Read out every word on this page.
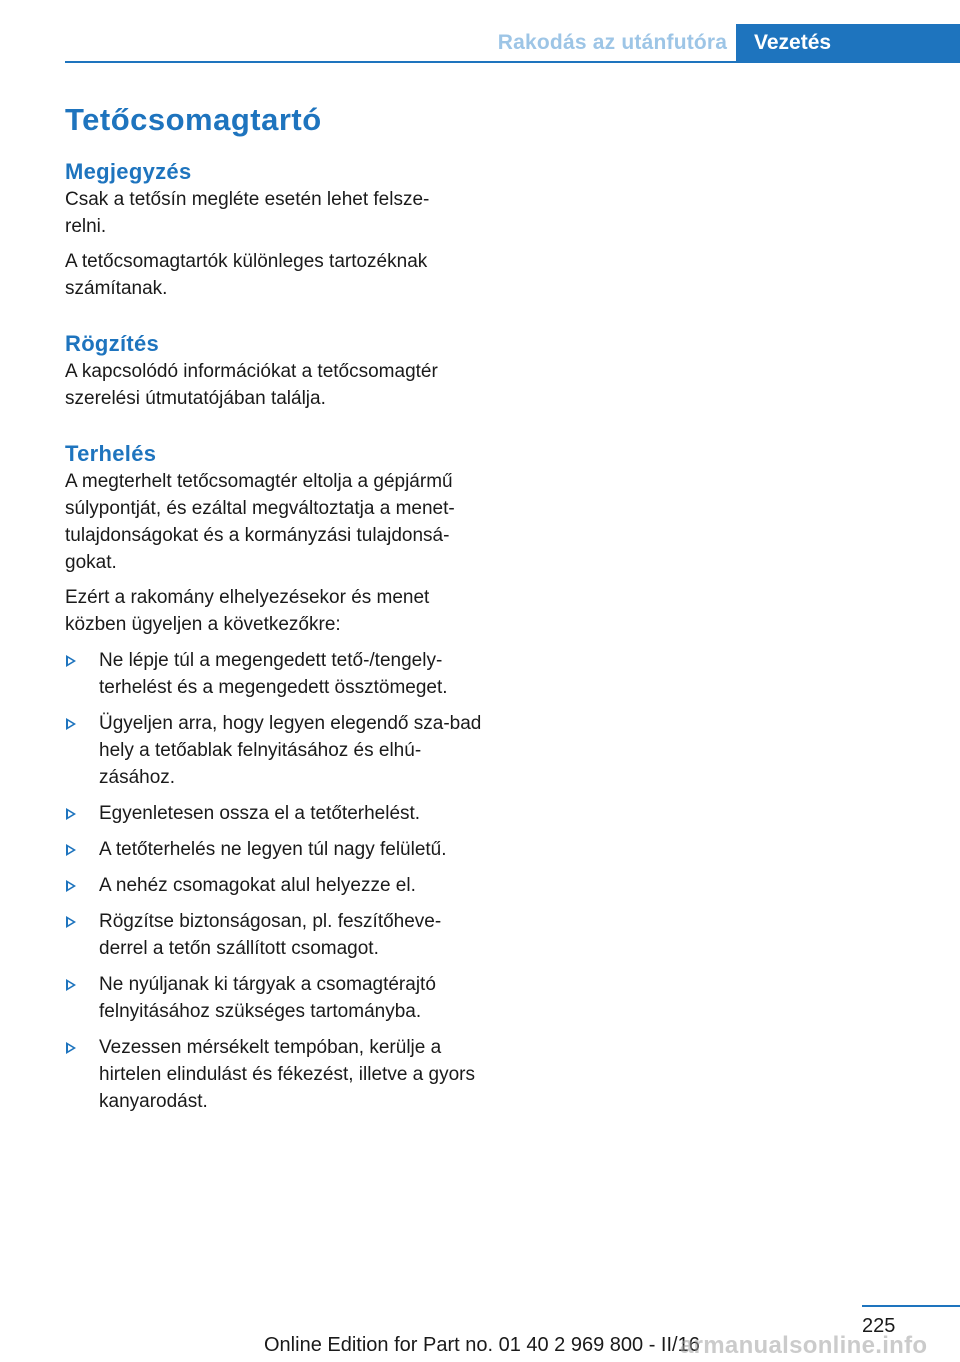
Rakodás az utánfutóra	Vezetés
Tetőcsomagtartó
Megjegyzés

Csak a tetősín megléte esetén lehet felsze-
relni.

A tetőcsomagtartók különleges tartozéknak számítanak.

Rögzítés

A kapcsolódó információkat a tetőcsomagtér szerelési útmutatójában találja.

Terhelés

A megterhelt tetőcsomagtér eltolja a gépjármű súlypontját, és ezáltal megváltoztatja a menet-tulajdonságokat és a kormányzási tulajdonsá-gokat.

Ezért a rakomány elhelyezésekor és menet közben ügyeljen a következőkre:

Ne lépje túl a megengedett tető-/tengely-terhelést és a megengedett össztömeget.
Ügyeljen arra, hogy legyen elegendő sza-bad hely a tetőablak felnyitásához és elhú-zásához.
Egyenletesen ossza el a tetőterhelést.
A tetőterhelés ne legyen túl nagy felületű.
A nehéz csomagokat alul helyezze el.
Rögzítse biztonságosan, pl. feszítőheve-derrel a tetőn szállított csomagot.
Ne nyúljanak ki tárgyak a csomagtérajtó felnyitásához szükséges tartományba.
Vezessen mérsékelt tempóban, kerülje a hirtelen elindulást és fékezést, illetve a gyors kanyarodást.
225
Online Edition for Part no. 01 40 2 969 800 - II/16
armanualsonline.info
